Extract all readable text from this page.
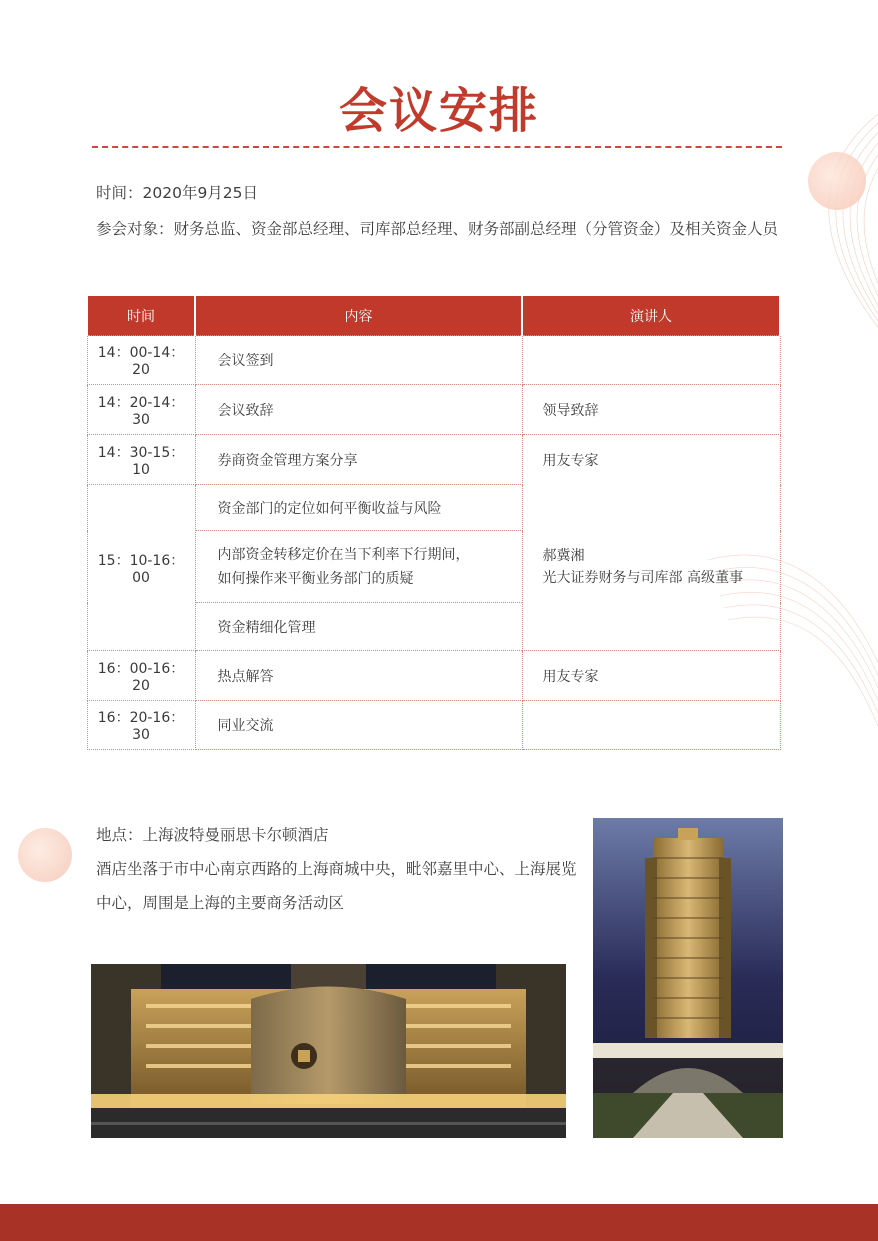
会议安排
时间：2020年9月25日
参会对象：财务总监、资金部总经理、司库部总经理、财务部副总经理（分管资金）及相关资金人员
时间	内容	演讲人
14：00-14：20	会议签到	
14：20-14：30	会议致辞	领导致辞
14：30-15：10	券商资金管理方案分享	用友专家
15：10-16：00	资金部门的定位如何平衡收益与风险	郝冀湘
光大证券财务与司库部 高级董事

	内部资金转移定价在当下利率下行期间，
如何操作来平衡业务部门的质疑	

	资金精细化管理	
16：00-16：20	热点解答	用友专家
16：20-16：30	同业交流	
地点：上海波特曼丽思卡尔顿酒店
酒店坐落于市中心南京西路的上海商城中央，毗邻嘉里中心、上海展览中心，周围是上海的主要商务活动区
